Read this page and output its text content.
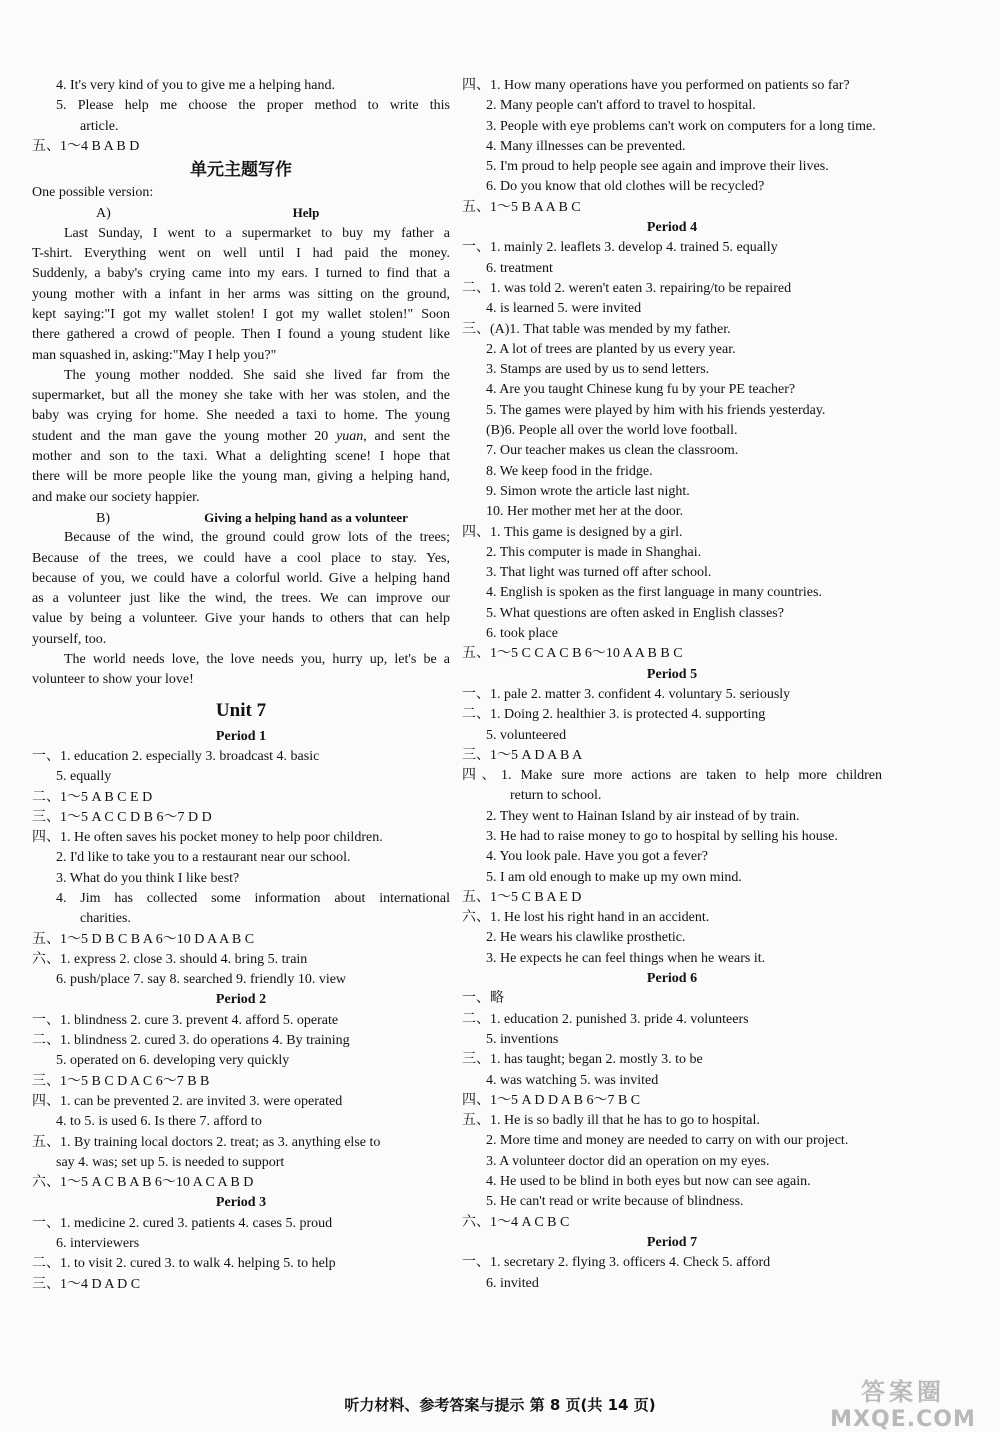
4. It's very kind of you to give me a helping hand.
5. Please help me choose the proper method to write this
article.
五、1～4 B A B D
单元主题写作
One possible version:
A)	Help
Last Sunday, I went to a supermarket to buy my father a
T-shirt. Everything went on well until I had paid the money.
Suddenly, a baby's crying came into my ears. I turned to find that a
young mother with a infant in her arms was sitting on the ground,
kept saying:"I got my wallet stolen! I got my wallet stolen!" Soon
there gathered a crowd of people. Then I found a young student like
man squashed in, asking:"May I help you?"
The young mother nodded. She said she lived far from the
supermarket, but all the money she take with her was stolen, and the
baby was crying for home. She needed a taxi to home. The young
student and the man gave the young mother 20 yuan, and sent the
mother and son to the taxi. What a delighting scene! I hope that
there will be more people like the young man, giving a helping hand,
and make our society happier.
B)	Giving a helping hand as a volunteer
Because of the wind, the ground could grow lots of the trees;
Because of the trees, we could have a cool place to stay. Yes,
because of you, we could have a colorful world. Give a helping hand
as a volunteer just like the wind, the trees. We can improve our
value by being a volunteer. Give your hands to others that can help
yourself, too.
The world needs love, the love needs you, hurry up, let's be a
volunteer to show your love!
Unit 7
Period 1
一、1. education 2. especially 3. broadcast 4. basic
5. equally
二、1～5 A B C E D
三、1～5 A C C D B 6～7 D D
四、1. He often saves his pocket money to help poor children.
2. I'd like to take you to a restaurant near our school.
3. What do you think I like best?
4. Jim has collected some information about international
charities.
五、1～5 D B C B A 6～10 D A A B C
六、1. express 2. close 3. should 4. bring 5. train
6. push/place 7. say 8. searched 9. friendly 10. view
Period 2
一、1. blindness 2. cure 3. prevent 4. afford 5. operate
二、1. blindness 2. cured 3. do operations 4. By training
5. operated on 6. developing very quickly
三、1～5 B C D A C 6～7 B B
四、1. can be prevented 2. are invited 3. were operated
4. to 5. is used 6. Is there 7. afford to
五、1. By training local doctors 2. treat; as 3. anything else to
say 4. was; set up 5. is needed to support
六、1～5 A C B A B 6～10 A C A B D
Period 3
一、1. medicine 2. cured 3. patients 4. cases 5. proud
6. interviewers
二、1. to visit 2. cured 3. to walk 4. helping 5. to help
三、1～4 D A D C
四、1. How many operations have you performed on patients so far?
2. Many people can't afford to travel to hospital.
3. People with eye problems can't work on computers for a long time.
4. Many illnesses can be prevented.
5. I'm proud to help people see again and improve their lives.
6. Do you know that old clothes will be recycled?
五、1～5 B A A B C
Period 4
一、1. mainly 2. leaflets 3. develop 4. trained 5. equally
6. treatment
二、1. was told 2. weren't eaten 3. repairing/to be repaired
4. is learned 5. were invited
三、(A)1. That table was mended by my father.
2. A lot of trees are planted by us every year.
3. Stamps are used by us to send letters.
4. Are you taught Chinese kung fu by your PE teacher?
5. The games were played by him with his friends yesterday.
(B)6. People all over the world love football.
7. Our teacher makes us clean the classroom.
8. We keep food in the fridge.
9. Simon wrote the article last night.
10. Her mother met her at the door.
四、1. This game is designed by a girl.
2. This computer is made in Shanghai.
3. That light was turned off after school.
4. English is spoken as the first language in many countries.
5. What questions are often asked in English classes?
6. took place
五、1～5 C C A C B 6～10 A A B B C
Period 5
一、1. pale 2. matter 3. confident 4. voluntary 5. seriously
二、1. Doing 2. healthier 3. is protected 4. supporting
5. volunteered
三、1～5 A D A B A
四、1. Make sure more actions are taken to help more children
return to school.
2. They went to Hainan Island by air instead of by train.
3. He had to raise money to go to hospital by selling his house.
4. You look pale. Have you got a fever?
5. I am old enough to make up my own mind.
五、1～5 C B A E D
六、1. He lost his right hand in an accident.
2. He wears his clawlike prosthetic.
3. He expects he can feel things when he wears it.
Period 6
一、略
二、1. education 2. punished 3. pride 4. volunteers
5. inventions
三、1. has taught; began 2. mostly 3. to be
4. was watching 5. was invited
四、1～5 A D D A B 6～7 B C
五、1. He is so badly ill that he has to go to hospital.
2. More time and money are needed to carry on with our project.
3. A volunteer doctor did an operation on my eyes.
4. He used to be blind in both eyes but now can see again.
5. He can't read or write because of blindness.
六、1～4 A C B C
Period 7
一、1. secretary 2. flying 3. officers 4. Check 5. afford
6. invited
听力材料、参考答案与提示 第 8 页(共 14 页)	答案圈
MXQE.COM
